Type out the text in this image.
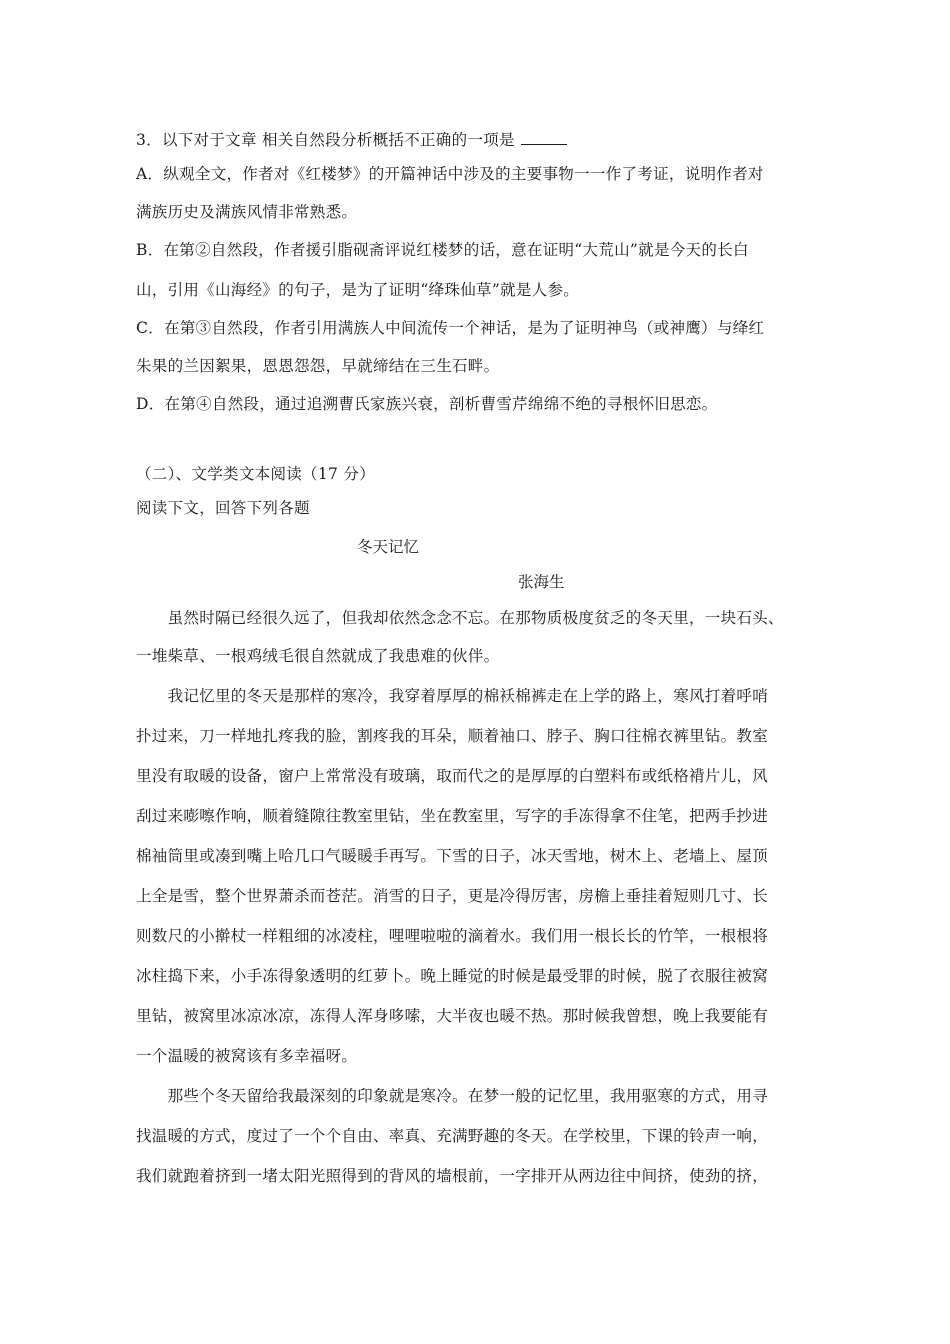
3．以下对于文章 相关自然段分析概括不正确的一项是
A．纵观全文，作者对《红楼梦》的开篇神话中涉及的主要事物一一作了考证，说明作者对
满族历史及满族风情非常熟悉。
B．在第②自然段，作者援引脂砚斋评说红楼梦的话，意在证明“大荒山”就是今天的长白
山，引用《山海经》的句子，是为了证明“绛珠仙草”就是人参。
C．在第③自然段，作者引用满族人中间流传一个神话，是为了证明神鸟（或神鹰）与绛红
朱果的兰因絮果，恩恩怨怨，早就缔结在三生石畔。
D．在第④自然段，通过追溯曹氏家族兴衰，剖析曹雪芹绵绵不绝的寻根怀旧思恋。
（二）、文学类文本阅读（17 分）
阅读下文，回答下列各题
冬天记忆
张海生
　　虽然时隔已经很久远了，但我却依然念念不忘。在那物质极度贫乏的冬天里，一块石头、
一堆柴草、一根鸡绒毛很自然就成了我患难的伙伴。
　　我记忆里的冬天是那样的寒冷，我穿着厚厚的棉袄棉裤走在上学的路上，寒风打着呼哨
扑过来，刀一样地扎疼我的脸，割疼我的耳朵，顺着袖口、脖子、胸口往棉衣裤里钻。教室
里没有取暖的设备，窗户上常常没有玻璃，取而代之的是厚厚的白塑料布或纸格褙片儿，风
刮过来嘭嚓作响，顺着缝隙往教室里钻，坐在教室里，写字的手冻得拿不住笔，把两手抄进
棉袖筒里或凑到嘴上哈几口气暖暖手再写。下雪的日子，冰天雪地，树木上、老墙上、屋顶
上全是雪，整个世界萧杀而苍茫。消雪的日子，更是冷得厉害，房檐上垂挂着短则几寸、长
则数尺的小擀杖一样粗细的冰凌柱，哩哩啦啦的滴着水。我们用一根长长的竹竿，一根根将
冰柱捣下来，小手冻得象透明的红萝卜。晚上睡觉的时候是最受罪的时候，脱了衣服往被窝
里钻，被窝里冰凉冰凉，冻得人浑身哆嗦，大半夜也暖不热。那时候我曾想，晚上我要能有
一个温暖的被窝该有多幸福呀。
　　那些个冬天留给我最深刻的印象就是寒冷。在梦一般的记忆里，我用驱寒的方式，用寻
找温暖的方式，度过了一个个自由、率真、充满野趣的冬天。在学校里，下课的铃声一响，
我们就跑着挤到一堵太阳光照得到的背风的墙根前，一字排开从两边往中间挤，使劲的挤，
